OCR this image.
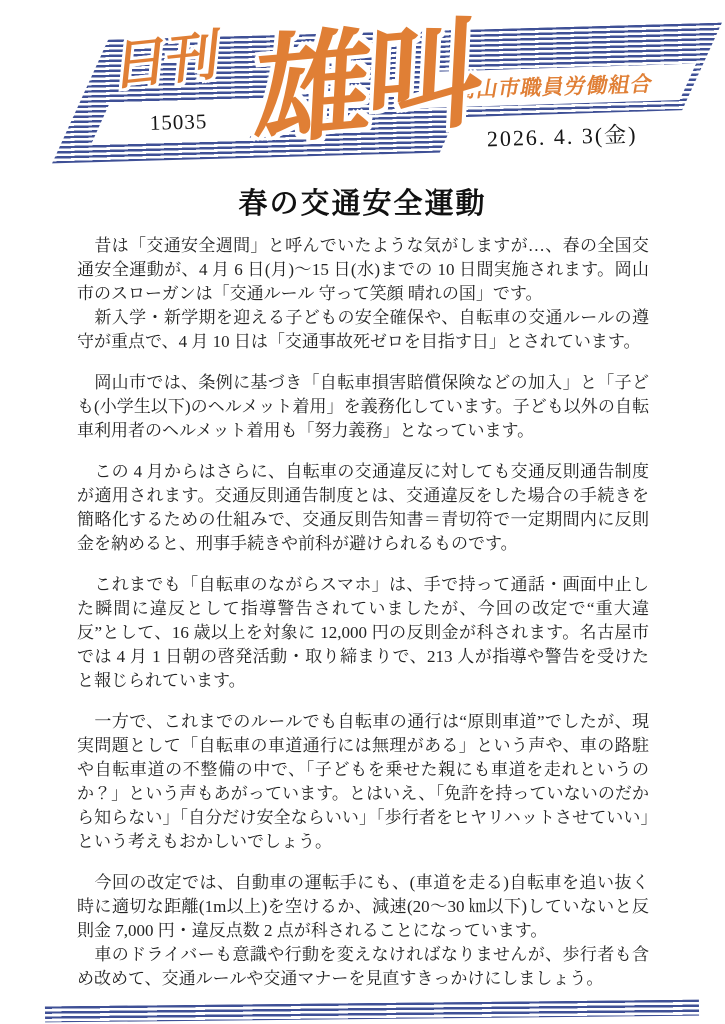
岡山市職員労働組合
15035	2026. 4. 3(金)
日刊 雄叫
春の交通安全運動

　昔は「交通安全週間」と呼んでいたような気がしますが…、春の全国交通安全運動が、4 月 6 日(月)～15 日(水)までの 10 日間実施されます。岡山市のスローガンは「交通ルール 守って笑顔 晴れの国」です。

　新入学・新学期を迎える子どもの安全確保や、自転車の交通ルールの遵守が重点で、4 月 10 日は「交通事故死ゼロを目指す日」とされています。

　岡山市では、条例に基づき「自転車損害賠償保険などの加入」と「子ども(小学生以下)のヘルメット着用」を義務化しています。子ども以外の自転車利用者のヘルメット着用も「努力義務」となっています。

　この 4 月からはさらに、自転車の交通違反に対しても交通反則通告制度が適用されます。交通反則通告制度とは、交通違反をした場合の手続きを簡略化するための仕組みで、交通反則告知書＝青切符で一定期間内に反則金を納めると、刑事手続きや前科が避けられるものです。

　これまでも「自転車のながらスマホ」は、手で持って通話・画面中止した瞬間に違反として指導警告されていましたが、今回の改定で“重大違反”として、16 歳以上を対象に 12,000 円の反則金が科されます。名古屋市では 4 月 1 日朝の啓発活動・取り締まりで、213 人が指導や警告を受けたと報じられています。

　一方で、これまでのルールでも自転車の通行は“原則車道”でしたが、現実問題として「自転車の車道通行には無理がある」という声や、車の路駐や自転車道の不整備の中で、「子どもを乗せた親にも車道を走れというのか？」という声もあがっています。とはいえ、「免許を持っていないのだから知らない」「自分だけ安全ならいい」「歩行者をヒヤリハットさせていい」という考えもおかしいでしょう。

　今回の改定では、自動車の運転手にも、(車道を走る)自転車を追い抜く時に適切な距離(1m以上)を空けるか、減速(20～30 ㎞以下)していないと反則金 7,000 円・違反点数 2 点が科されることになっています。

　車のドライバーも意識や行動を変えなければなりませんが、歩行者も含め改めて、交通ルールや交通マナーを見直すきっかけにしましょう。
